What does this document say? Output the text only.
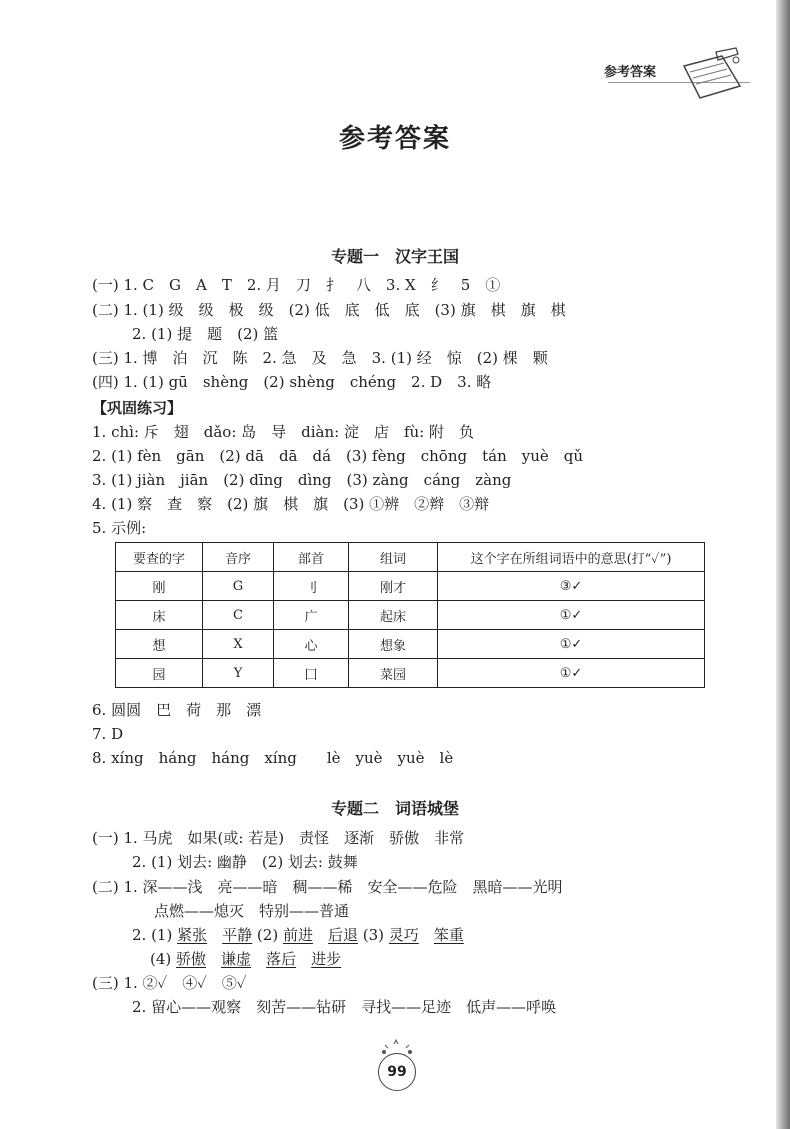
参考答案
参考答案
专题一　汉字王国
(一) 1. C　G　A　T　2. 月　刀　扌　八　3. X　纟　5　①
(二) 1. (1) 级　级　极　级　(2) 低　底　低　底　(3) 旗　棋　旗　棋
2. (1) 提　题　(2) 篮
(三) 1. 博　泊　沉　陈　2. 急　及　急　3. (1) 经　惊　(2) 棵　颗
(四) 1. (1) gū　shèng　(2) shèng　chéng　2. D　3. 略
【巩固练习】
1. chì: 斥　翅　dǎo: 岛　导　diàn: 淀　店　fù: 附　负
2. (1) fèn　gān　(2) dā　dā　dá　(3) fèng　chōng　tán　yuè　qǔ
3. (1) jiàn　jiān　(2) dīng　dìng　(3) zàng　cáng　zàng
4. (1) 察　查　察　(2) 旗　棋　旗　(3) ①辨　②辫　③辩
5. 示例:
要查的字	音序	部首	组词	这个字在所组词语中的意思(打“✓”)
刚	G	刂	刚才	③✓
床	C	广	起床	①✓
想	X	心	想象	①✓
园	Y	囗	菜园	①✓
6. 圆圆　巴　荷　那　漂
7. D
8. xíng　háng　háng　xíng　　lè　yuè　yuè　lè
专题二　词语城堡
(一) 1. 马虎　如果(或: 若是)　责怪　逐渐　骄傲　非常
2. (1) 划去: 幽静　(2) 划去: 鼓舞
(二) 1. 深——浅　亮——暗　稠——稀　安全——危险　黑暗——光明
点燃——熄灭　特别——普通
2. (1) 紧张　 平静 (2) 前进　 后退 (3) 灵巧　 笨重
(4) 骄傲　 谦虚　 落后　 进步
(三) 1. ②✓　④✓　⑤✓
2. 留心——观察　刻苦——钻研　寻找——足迹　低声——呼唤
99
